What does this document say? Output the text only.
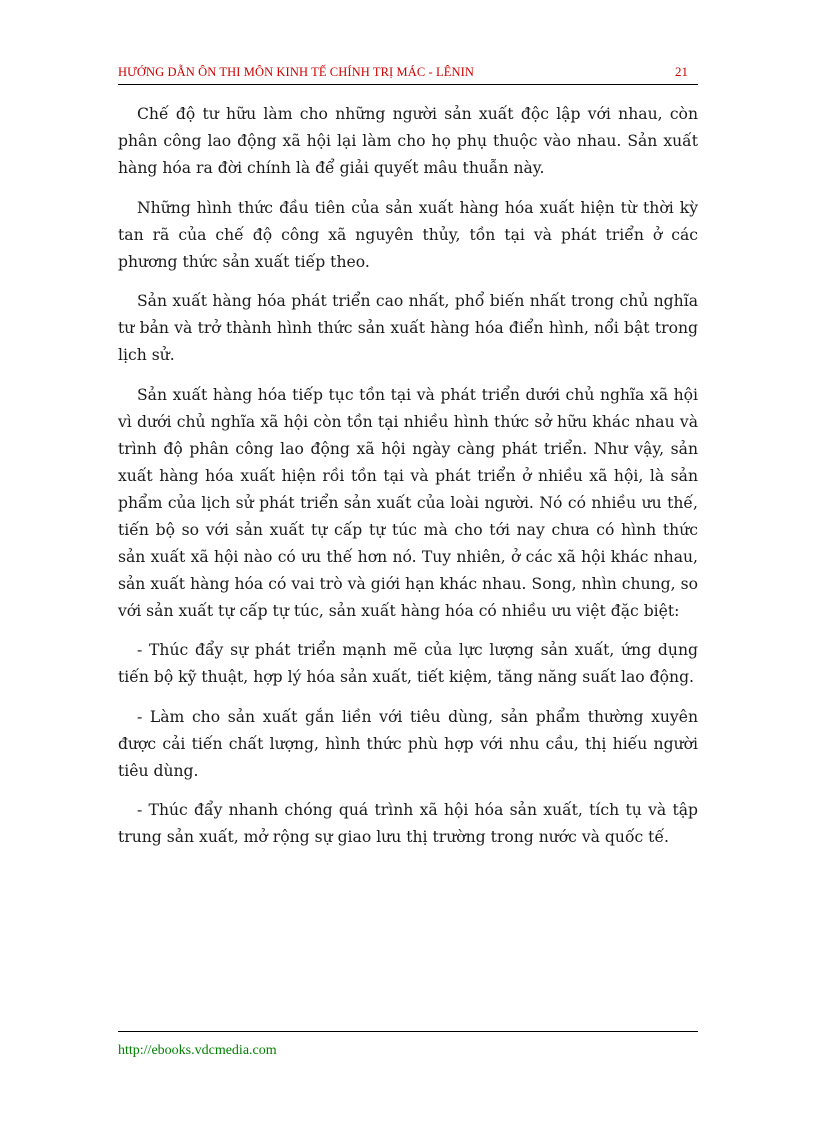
HƯỚNG DẪN ÔN THI MÔN KINH TẾ CHÍNH TRỊ MÁC - LÊNIN	21

Chế độ tư hữu làm cho những người sản xuất độc lập với nhau, còn phân công lao động xã hội lại làm cho họ phụ thuộc vào nhau. Sản xuất hàng hóa ra đời chính là để giải quyết mâu thuẫn này.

Những hình thức đầu tiên của sản xuất hàng hóa xuất hiện từ thời kỳ tan rã của chế độ công xã nguyên thủy, tồn tại và phát triển ở các phương thức sản xuất tiếp theo.

Sản xuất hàng hóa phát triển cao nhất, phổ biến nhất trong chủ nghĩa tư bản và trở thành hình thức sản xuất hàng hóa điển hình, nổi bật trong lịch sử.

Sản xuất hàng hóa tiếp tục tồn tại và phát triển dưới chủ nghĩa xã hội vì dưới chủ nghĩa xã hội còn tồn tại nhiều hình thức sở hữu khác nhau và trình độ phân công lao động xã hội ngày càng phát triển. Như vậy, sản xuất hàng hóa xuất hiện rồi tồn tại và phát triển ở nhiều xã hội, là sản phẩm của lịch sử phát triển sản xuất của loài người. Nó có nhiều ưu thế, tiến bộ so với sản xuất tự cấp tự túc mà cho tới nay chưa có hình thức sản xuất xã hội nào có ưu thế hơn nó. Tuy nhiên, ở các xã hội khác nhau, sản xuất hàng hóa có vai trò và giới hạn khác nhau. Song, nhìn chung, so với sản xuất tự cấp tự túc, sản xuất hàng hóa có nhiều ưu việt đặc biệt:

- Thúc đẩy sự phát triển mạnh mẽ của lực lượng sản xuất, ứng dụng tiến bộ kỹ thuật, hợp lý hóa sản xuất, tiết kiệm, tăng năng suất lao động.

- Làm cho sản xuất gắn liền với tiêu dùng, sản phẩm thường xuyên được cải tiến chất lượng, hình thức phù hợp với nhu cầu, thị hiếu người tiêu dùng.

- Thúc đẩy nhanh chóng quá trình xã hội hóa sản xuất, tích tụ và tập trung sản xuất, mở rộng sự giao lưu thị trường trong nước và quốc tế.

http://ebooks.vdcmedia.com
